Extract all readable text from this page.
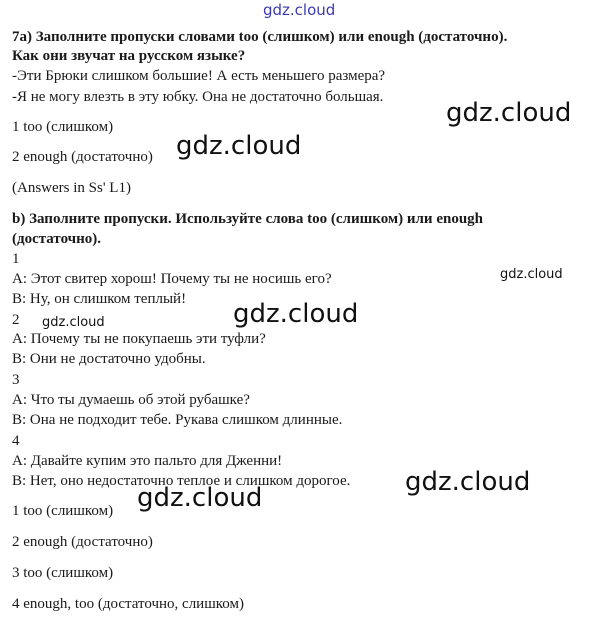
7a) Заполните пропуски словами too (слишком) или enough (достаточно).
Как они звучат на русском языке?
-Эти Брюки слишком большие! А есть меньшего размера?
-Я не могу влезть в эту юбку. Она не достаточно большая.
1 too (слишком)
2 enough (достаточно)
(Answers in Ss' L1)
b) Заполните пропуски. Используйте слова too (слишком) или enough
(достаточно).
1
A: Этот свитер хорош! Почему ты не носишь его?
B: Ну, он слишком теплый!
2
A: Почему ты не покупаешь эти туфли?
B: Они не достаточно удобны.
3
A: Что ты думаешь об этой рубашке?
B: Она не подходит тебе. Рукава слишком длинные.
4
A: Давайте купим это пальто для Дженни!
B: Нет, оно недостаточно теплое и слишком дорогое.
1 too (слишком)
2 enough (достаточно)
3 too (слишком)
4 enough, too (достаточно, слишком)
gdz.cloud
gdz.cloud
gdz.cloud
gdz.cloud
gdz.cloud
gdz.cloud
gdz.cloud
gdz.cloud
